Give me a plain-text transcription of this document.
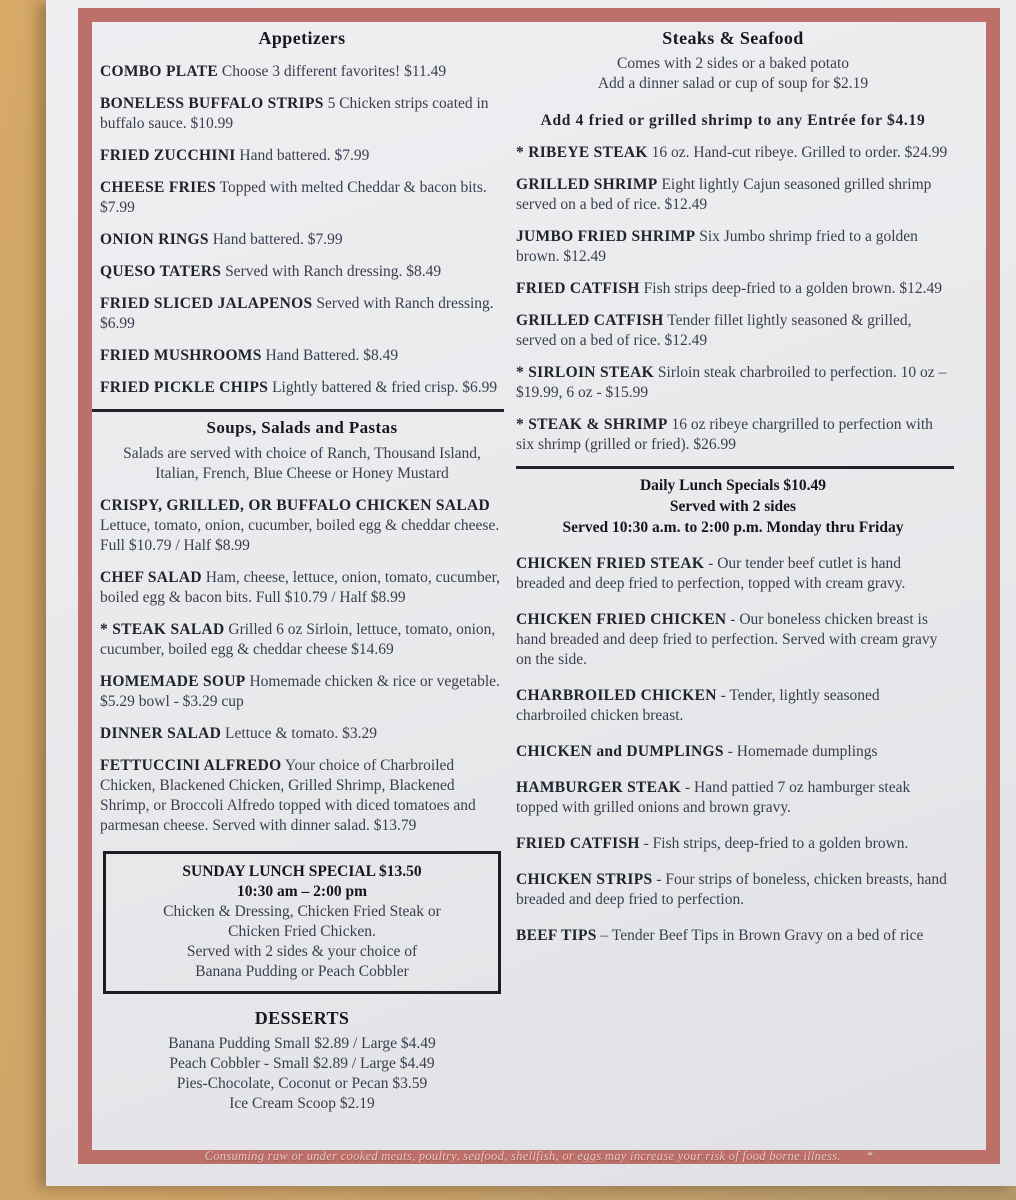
Appetizers

COMBO PLATE Choose 3 different favorites! $11.49

BONELESS BUFFALO STRIPS 5 Chicken strips coated in buffalo sauce. $10.99

FRIED ZUCCHINI Hand battered. $7.99

CHEESE FRIES Topped with melted Cheddar & bacon bits. $7.99

ONION RINGS Hand battered. $7.99

QUESO TATERS Served with Ranch dressing. $8.49

FRIED SLICED JALAPENOS Served with Ranch dressing. $6.99

FRIED MUSHROOMS Hand Battered. $8.49

FRIED PICKLE CHIPS Lightly battered & fried crisp. $6.99

Soups, Salads and Pastas
Salads are served with choice of Ranch, Thousand Island, Italian, French, Blue Cheese or Honey Mustard

CRISPY, GRILLED, OR BUFFALO CHICKEN SALAD Lettuce, tomato, onion, cucumber, boiled egg & cheddar cheese. Full $10.79 / Half $8.99

CHEF SALAD Ham, cheese, lettuce, onion, tomato, cucumber, boiled egg & bacon bits. Full $10.79 / Half $8.99

* STEAK SALAD Grilled 6 oz Sirloin, lettuce, tomato, onion, cucumber, boiled egg & cheddar cheese $14.69

HOMEMADE SOUP Homemade chicken & rice or vegetable. $5.29 bowl - $3.29 cup

DINNER SALAD Lettuce & tomato. $3.29

FETTUCCINI ALFREDO Your choice of Charbroiled Chicken, Blackened Chicken, Grilled Shrimp, Blackened Shrimp, or Broccoli Alfredo topped with diced tomatoes and parmesan cheese. Served with dinner salad. $13.79

SUNDAY LUNCH SPECIAL $13.50
10:30 am – 2:00 pm
Chicken & Dressing, Chicken Fried Steak or
Chicken Fried Chicken.
Served with 2 sides & your choice of
Banana Pudding or Peach Cobbler
DESSERTS
Banana Pudding Small $2.89 / Large $4.49
Peach Cobbler - Small $2.89 / Large $4.49
Pies-Chocolate, Coconut or Pecan $3.59
Ice Cream Scoop $2.19
Steaks & Seafood
Comes with 2 sides or a baked potato
Add a dinner salad or cup of soup for $2.19
Add 4 fried or grilled shrimp to any Entrée for $4.19

* RIBEYE STEAK 16 oz. Hand-cut ribeye. Grilled to order. $24.99

GRILLED SHRIMP Eight lightly Cajun seasoned grilled shrimp served on a bed of rice. $12.49

JUMBO FRIED SHRIMP Six Jumbo shrimp fried to a golden brown. $12.49

FRIED CATFISH Fish strips deep-fried to a golden brown. $12.49

GRILLED CATFISH Tender fillet lightly seasoned & grilled, served on a bed of rice. $12.49

* SIRLOIN STEAK Sirloin steak charbroiled to perfection. 10 oz – $19.99, 6 oz - $15.99

* STEAK & SHRIMP 16 oz ribeye chargrilled to perfection with six shrimp (grilled or fried). $26.99

Daily Lunch Specials $10.49
Served with 2 sides
Served 10:30 a.m. to 2:00 p.m. Monday thru Friday

CHICKEN FRIED STEAK - Our tender beef cutlet is hand breaded and deep fried to perfection, topped with cream gravy.

CHICKEN FRIED CHICKEN - Our boneless chicken breast is hand breaded and deep fried to perfection. Served with cream gravy on the side.

CHARBROILED CHICKEN - Tender, lightly seasoned charbroiled chicken breast.

CHICKEN and DUMPLINGS - Homemade dumplings

HAMBURGER STEAK - Hand pattied 7 oz hamburger steak topped with grilled onions and brown gravy.

FRIED CATFISH - Fish strips, deep-fried to a golden brown.

CHICKEN STRIPS - Four strips of boneless, chicken breasts, hand breaded and deep fried to perfection.

BEEF TIPS – Tender Beef Tips in Brown Gravy on a bed of rice

Consuming raw or under cooked meats, poultry, seafood, shellfish, or eggs may increase your risk of food borne illness. *
